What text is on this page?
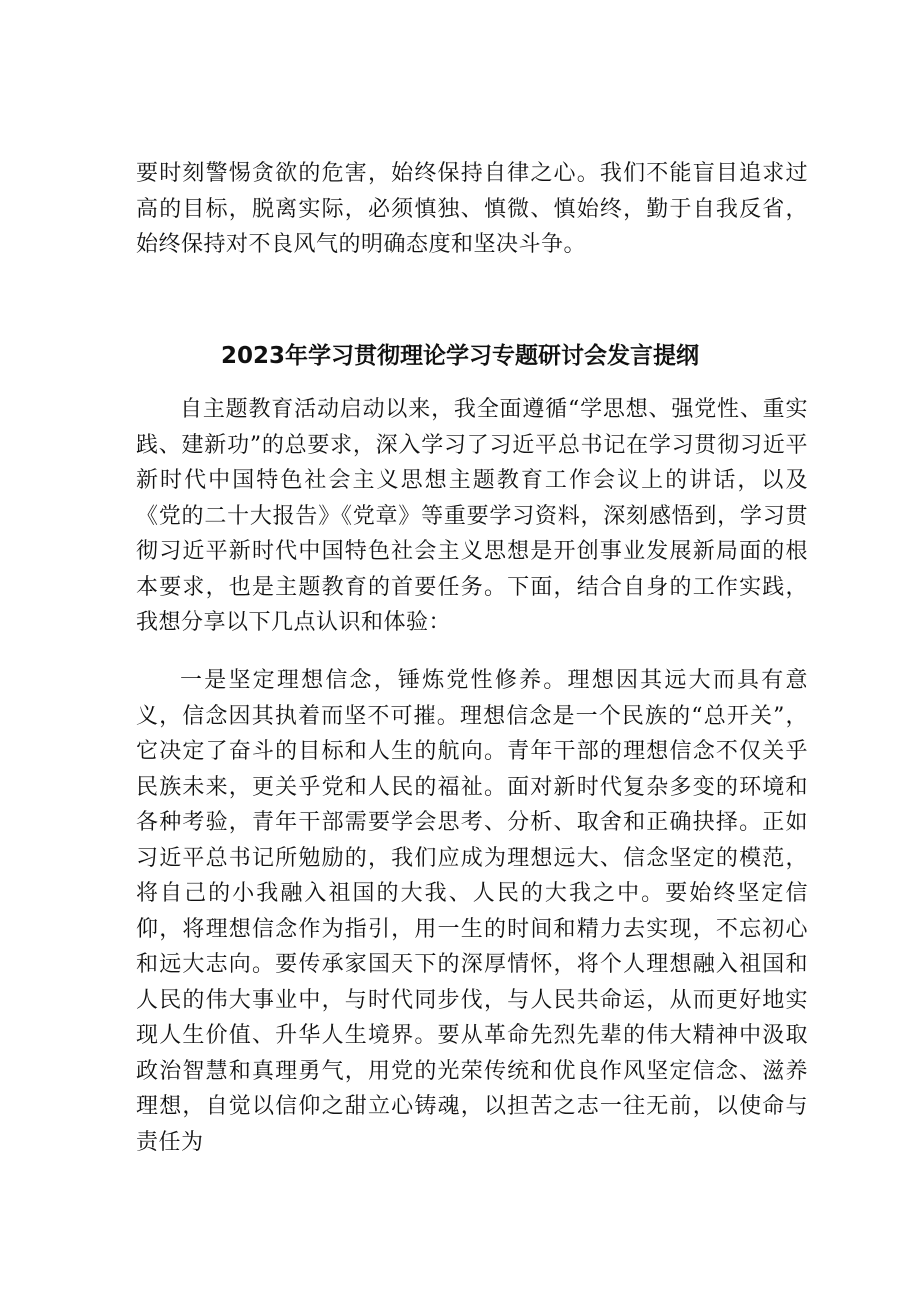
要时刻警惕贪欲的危害，始终保持自律之心。我们不能盲目追求过高的目标，脱离实际，必须慎独、慎微、慎始终，勤于自我反省，始终保持对不良风气的明确态度和坚决斗争。

2023年学习贯彻理论学习专题研讨会发言提纲

自主题教育活动启动以来，我全面遵循“学思想、强党性、重实践、建新功”的总要求，深入学习了习近平总书记在学习贯彻习近平新时代中国特色社会主义思想主题教育工作会议上的讲话，以及《党的二十大报告》《党章》等重要学习资料，深刻感悟到，学习贯彻习近平新时代中国特色社会主义思想是开创事业发展新局面的根本要求，也是主题教育的首要任务。下面，结合自身的工作实践，我想分享以下几点认识和体验：

一是坚定理想信念，锤炼党性修养。理想因其远大而具有意义，信念因其执着而坚不可摧。理想信念是一个民族的“总开关”，它决定了奋斗的目标和人生的航向。青年干部的理想信念不仅关乎民族未来，更关乎党和人民的福祉。面对新时代复杂多变的环境和各种考验，青年干部需要学会思考、分析、取舍和正确抉择。正如习近平总书记所勉励的，我们应成为理想远大、信念坚定的模范，将自己的小我融入祖国的大我、人民的大我之中。要始终坚定信仰，将理想信念作为指引，用一生的时间和精力去实现，不忘初心和远大志向。要传承家国天下的深厚情怀，将个人理想融入祖国和人民的伟大事业中，与时代同步伐，与人民共命运，从而更好地实现人生价值、升华人生境界。要从革命先烈先辈的伟大精神中汲取政治智慧和真理勇气，用党的光荣传统和优良作风坚定信念、滋养理想，自觉以信仰之甜立心铸魂，以担苦之志一往无前，以使命与责任为
